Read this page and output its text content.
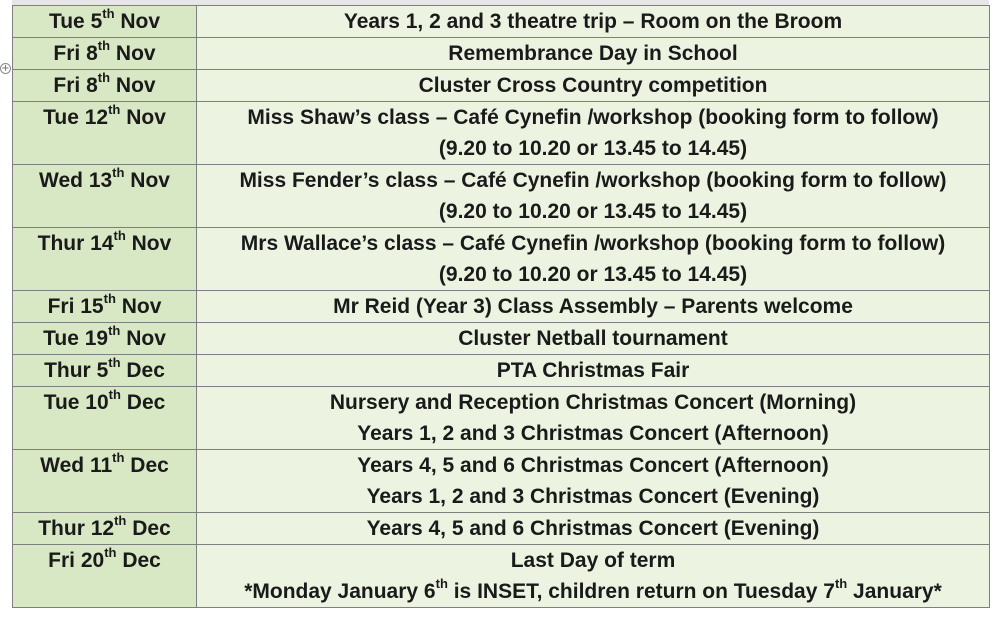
+
Tue 5th Nov	Years 1, 2 and 3 theatre trip – Room on the Broom

Fri 8th Nov	Remembrance Day in School

Fri 8th Nov	Cluster Cross Country competition

Tue 12th Nov	Miss Shaw’s class – Café Cynefin /workshop (booking form to follow)
(9.20 to 10.20 or 13.45 to 14.45)

Wed 13th Nov	Miss Fender’s class – Café Cynefin /workshop (booking form to follow)
(9.20 to 10.20 or 13.45 to 14.45)

Thur 14th Nov	Mrs Wallace’s class – Café Cynefin /workshop (booking form to follow)
(9.20 to 10.20 or 13.45 to 14.45)

Fri 15th Nov	Mr Reid (Year 3) Class Assembly – Parents welcome

Tue 19th Nov	Cluster Netball tournament

Thur 5th Dec	PTA Christmas Fair

Tue 10th Dec	Nursery and Reception Christmas Concert (Morning)
Years 1, 2 and 3 Christmas Concert (Afternoon)

Wed 11th Dec	Years 4, 5 and 6 Christmas Concert (Afternoon)
Years 1, 2 and 3 Christmas Concert (Evening)

Thur 12th Dec	Years 4, 5 and 6 Christmas Concert (Evening)

Fri 20th Dec	Last Day of term
*Monday January 6th is INSET, children return on Tuesday 7th January*
